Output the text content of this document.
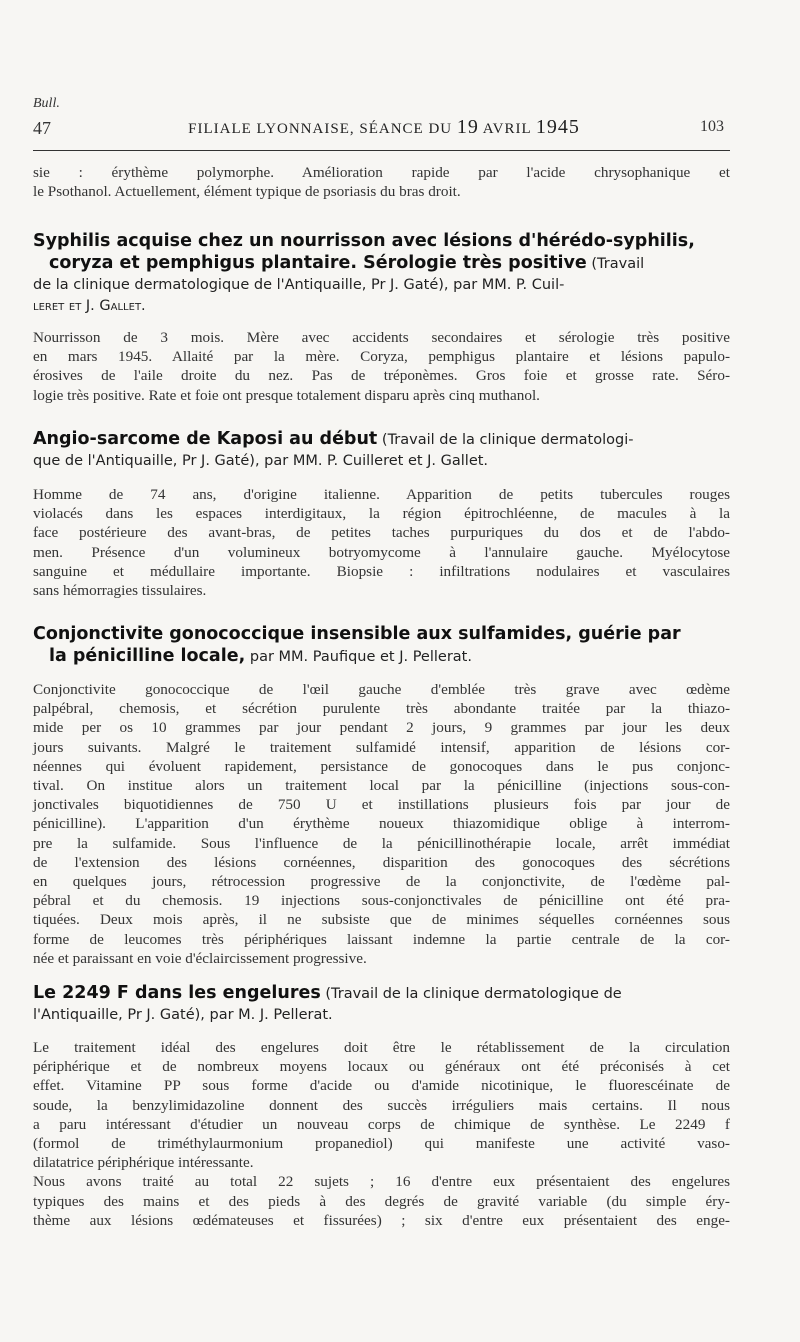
Bull.
47	FILIALE LYONNAISE, SÉANCE DU 19 AVRIL 1945	103
sie : érythème polymorphe. Amélioration rapide par l'acide chrysophanique et
le Psothanol. Actuellement, élément typique de psoriasis du bras droit.
Syphilis acquise chez un nourrisson avec lésions d'hérédo-syphilis,
coryza et pemphigus plantaire. Sérologie très positive (Travail
de la clinique dermatologique de l'Antiquaille, Pr J. Gaté), par MM. P. Cuil-
leret et J. Gallet.
Nourrisson de 3 mois. Mère avec accidents secondaires et sérologie très positive
en mars 1945. Allaité par la mère. Coryza, pemphigus plantaire et lésions papulo-
érosives de l'aile droite du nez. Pas de tréponèmes. Gros foie et grosse rate. Séro-
logie très positive. Rate et foie ont presque totalement disparu après cinq muthanol.
Angio-sarcome de Kaposi au début (Travail de la clinique dermatologi-
que de l'Antiquaille, Pr J. Gaté), par MM. P. Cuilleret et J. Gallet.
Homme de 74 ans, d'origine italienne. Apparition de petits tubercules rouges
violacés dans les espaces interdigitaux, la région épitrochléenne, de macules à la
face postérieure des avant-bras, de petites taches purpuriques du dos et de l'abdo-
men. Présence d'un volumineux botryomycome à l'annulaire gauche. Myélocytose
sanguine et médullaire importante. Biopsie : infiltrations nodulaires et vasculaires
sans hémorragies tissulaires.
Conjonctivite gonococcique insensible aux sulfamides, guérie par
la pénicilline locale, par MM. Paufique et J. Pellerat.
Conjonctivite gonococcique de l'œil gauche d'emblée très grave avec œdème
palpébral, chemosis, et sécrétion purulente très abondante traitée par la thiazo-
mide per os 10 grammes par jour pendant 2 jours, 9 grammes par jour les deux
jours suivants. Malgré le traitement sulfamidé intensif, apparition de lésions cor-
néennes qui évoluent rapidement, persistance de gonocoques dans le pus conjonc-
tival. On institue alors un traitement local par la pénicilline (injections sous-con-
jonctivales biquotidiennes de 750 U et instillations plusieurs fois par jour de
pénicilline). L'apparition d'un érythème noueux thiazomidique oblige à interrom-
pre la sulfamide. Sous l'influence de la pénicillinothérapie locale, arrêt immédiat
de l'extension des lésions cornéennes, disparition des gonocoques des sécrétions
en quelques jours, rétrocession progressive de la conjonctivite, de l'œdème pal-
pébral et du chemosis. 19 injections sous-conjonctivales de pénicilline ont été pra-
tiquées. Deux mois après, il ne subsiste que de minimes séquelles cornéennes sous
forme de leucomes très périphériques laissant indemne la partie centrale de la cor-
née et paraissant en voie d'éclaircissement progressive.
Le 2249 F dans les engelures (Travail de la clinique dermatologique de
l'Antiquaille, Pr J. Gaté), par M. J. Pellerat.
Le traitement idéal des engelures doit être le rétablissement de la circulation
périphérique et de nombreux moyens locaux ou généraux ont été préconisés à cet
effet. Vitamine PP sous forme d'acide ou d'amide nicotinique, le fluorescéinate de
soude, la benzylimidazoline donnent des succès irréguliers mais certains. Il nous
a paru intéressant d'étudier un nouveau corps de chimique de synthèse. Le 2249 f
(formol de triméthylaurmonium propanediol) qui manifeste une activité vaso-
dilatatrice périphérique intéressante.
Nous avons traité au total 22 sujets ; 16 d'entre eux présentaient des engelures
typiques des mains et des pieds à des degrés de gravité variable (du simple éry-
thème aux lésions œdémateuses et fissurées) ; six d'entre eux présentaient des enge-
